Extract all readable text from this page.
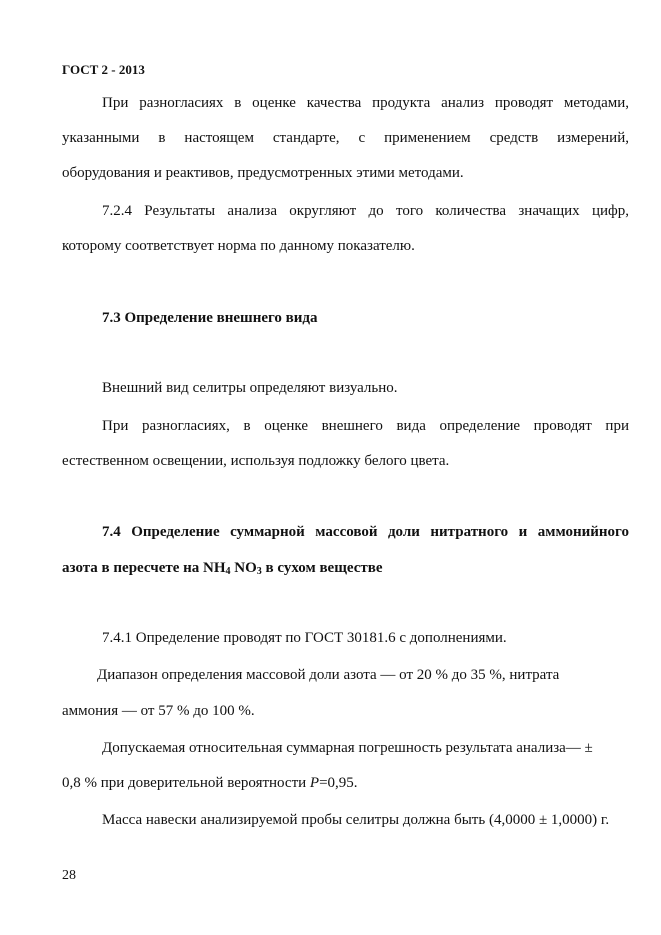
ГОСТ 2 - 2013
При разногласиях в оценке качества продукта анализ проводят методами,
указанными в настоящем стандарте, с применением средств измерений,
оборудования и реактивов, предусмотренных этими методами.
7.2.4 Результаты анализа округляют до того количества значащих цифр,
которому соответствует норма по данному показателю.
7.3 Определение внешнего вида
Внешний вид селитры определяют визуально.
При разногласиях, в оценке внешнего вида определение проводят при
естественном освещении, используя подложку белого цвета.
7.4 Определение суммарной массовой доли нитратного и аммонийного
азота в пересчете на $NH_4$ $NO_3$ в сухом веществе
7.4.1 Определение проводят по ГОСТ 30181.6 с дополнениями.
Диапазон определения массовой доли азота — от 20 % до 35 %, нитрата
аммония — от 57 % до 100 %.
Допускаемая относительная суммарная погрешность результата анализа— ±
0,8 % при доверительной вероятности P=0,95.
Масса навески анализируемой пробы селитры должна быть (4,0000 ± 1,0000) г.
28
